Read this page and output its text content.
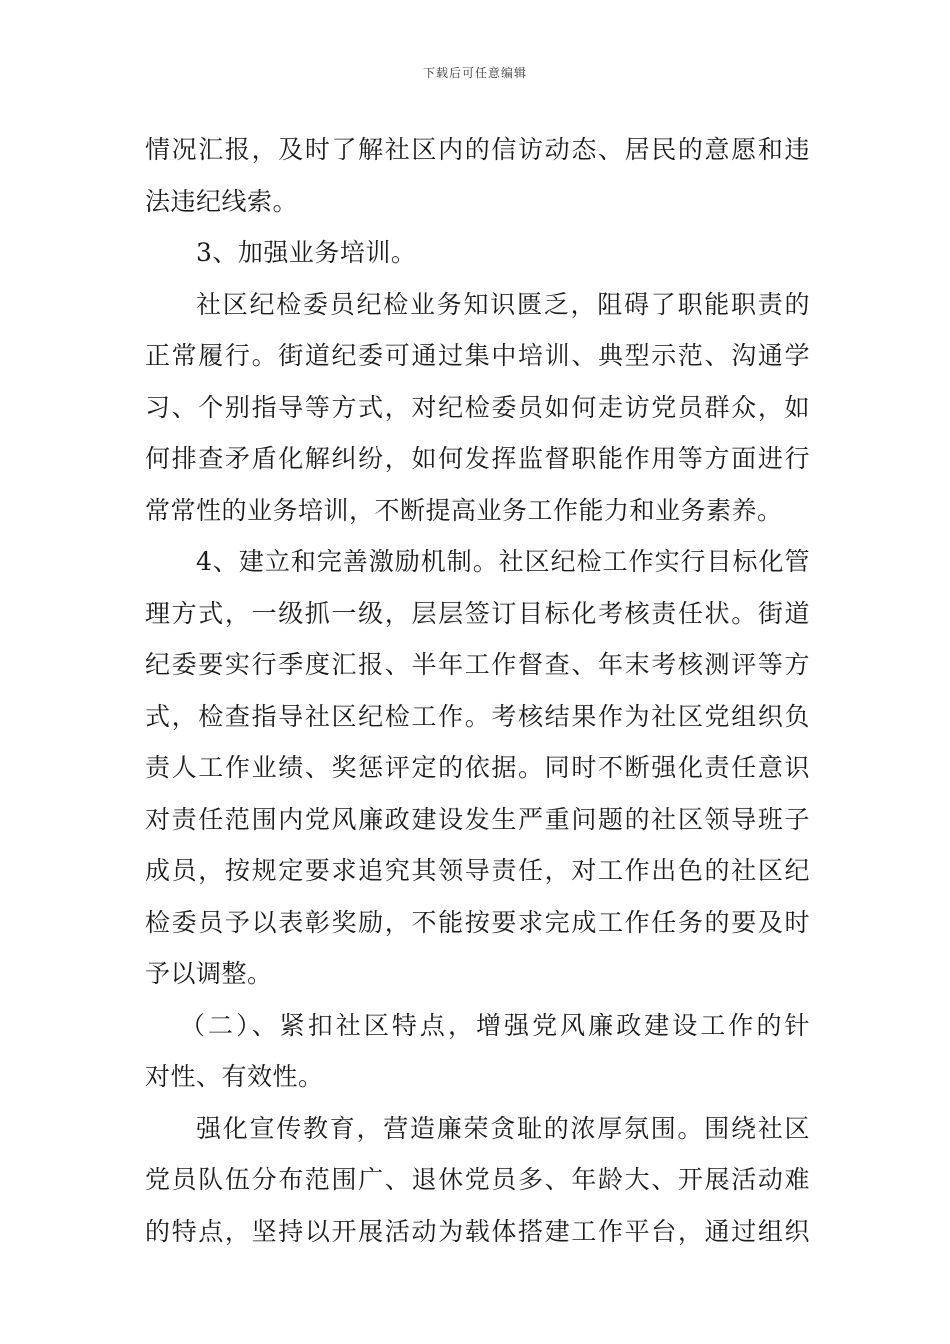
下载后可任意编辑
情况汇报，及时了解社区内的信访动态、居民的意愿和违
法违纪线索。
3、加强业务培训。
社区纪检委员纪检业务知识匮乏，阻碍了职能职责的
正常履行。街道纪委可通过集中培训、典型示范、沟通学
习、个别指导等方式，对纪检委员如何走访党员群众，如
何排查矛盾化解纠纷，如何发挥监督职能作用等方面进行
常常性的业务培训，不断提高业务工作能力和业务素养。
4、建立和完善激励机制。社区纪检工作实行目标化管
理方式，一级抓一级，层层签订目标化考核责任状。街道
纪委要实行季度汇报、半年工作督查、年末考核测评等方
式，检查指导社区纪检工作。考核结果作为社区党组织负
责人工作业绩、奖惩评定的依据。同时不断强化责任意识
对责任范围内党风廉政建设发生严重问题的社区领导班子
成员，按规定要求追究其领导责任，对工作出色的社区纪
检委员予以表彰奖励，不能按要求完成工作任务的要及时
予以调整。
（二）、紧扣社区特点，增强党风廉政建设工作的针
对性、有效性。
强化宣传教育，营造廉荣贪耻的浓厚氛围。围绕社区
党员队伍分布范围广、退休党员多、年龄大、开展活动难
的特点，坚持以开展活动为载体搭建工作平台，通过组织
